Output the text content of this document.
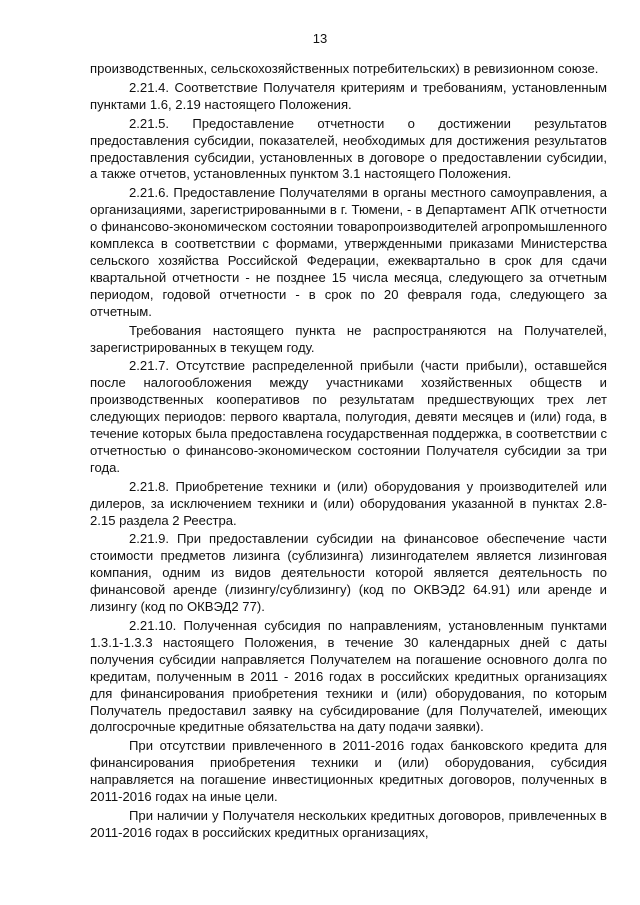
13

производственных, сельскохозяйственных потребительских) в ревизионном союзе.

2.21.4. Соответствие Получателя критериям и требованиям, установленным пунктами 1.6, 2.19 настоящего Положения.

2.21.5. Предоставление отчетности о достижении результатов предоставления субсидии, показателей, необходимых для достижения результатов предоставления субсидии, установленных в договоре о предоставлении субсидии, а также отчетов, установленных пунктом 3.1 настоящего Положения.

2.21.6. Предоставление Получателями в органы местного самоуправления, а организациями, зарегистрированными в г. Тюмени, - в Департамент АПК отчетности о финансово-экономическом состоянии товаропроизводителей агропромышленного комплекса в соответствии с формами, утвержденными приказами Министерства сельского хозяйства Российской Федерации, ежеквартально в срок для сдачи квартальной отчетности - не позднее 15 числа месяца, следующего за отчетным периодом, годовой отчетности - в срок по 20 февраля года, следующего за отчетным.

Требования настоящего пункта не распространяются на Получателей, зарегистрированных в текущем году.

2.21.7. Отсутствие распределенной прибыли (части прибыли), оставшейся после налогообложения между участниками хозяйственных обществ и производственных кооперативов по результатам предшествующих трех лет следующих периодов: первого квартала, полугодия, девяти месяцев и (или) года, в течение которых была предоставлена государственная поддержка, в соответствии с отчетностью о финансово-экономическом состоянии Получателя субсидии за три года.

2.21.8. Приобретение техники и (или) оборудования у производителей или дилеров, за исключением техники и (или) оборудования указанной в пунктах 2.8-2.15 раздела 2 Реестра.

2.21.9. При предоставлении субсидии на финансовое обеспечение части стоимости предметов лизинга (сублизинга) лизингодателем является лизинговая компания, одним из видов деятельности которой является деятельность по финансовой аренде (лизингу/сублизингу) (код по ОКВЭД2 64.91) или аренде и лизингу (код по ОКВЭД2 77).

2.21.10. Полученная субсидия по направлениям, установленным пунктами 1.3.1-1.3.3 настоящего Положения, в течение 30 календарных дней с даты получения субсидии направляется Получателем на погашение основного долга по кредитам, полученным в 2011 - 2016 годах в российских кредитных организациях для финансирования приобретения техники и (или) оборудования, по которым Получатель предоставил заявку на субсидирование (для Получателей, имеющих долгосрочные кредитные обязательства на дату подачи заявки).

При отсутствии привлеченного в 2011-2016 годах банковского кредита для финансирования приобретения техники и (или) оборудования, субсидия направляется на погашение инвестиционных кредитных договоров, полученных в 2011-2016 годах на иные цели.

При наличии у Получателя нескольких кредитных договоров, привлеченных в 2011-2016 годах в российских кредитных организациях,
